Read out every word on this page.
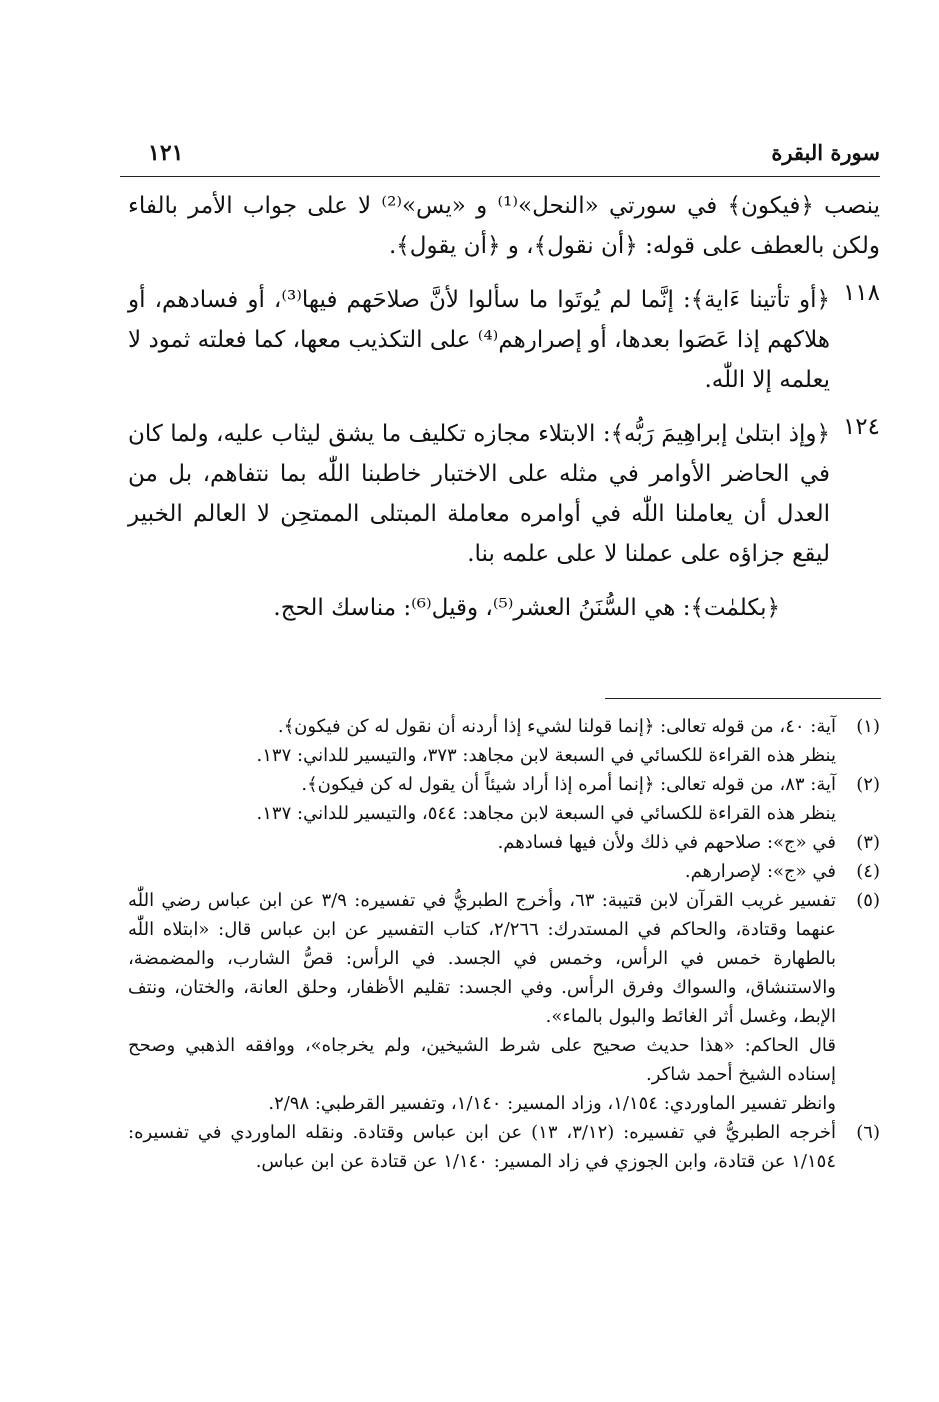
سورة البقرة
١٢١

ينصب ﴿فيكون﴾ في سورتي «النحل»⁽¹⁾ و «يس»⁽²⁾ لا على جواب الأمر بالفاء ولكن بالعطف على قوله: ﴿أن نقول﴾، و ﴿أن يقول﴾.

١١٨

﴿أو تأتينا ءَاية﴾: إنَّما لم يُوتَوا ما سألوا لأنَّ صلاحَهم فيها⁽³⁾، أو فسادهم، أو هلاكهم إذا عَصَوا بعدها، أو إصرارهم⁽⁴⁾ على التكذيب معها، كما فعلته ثمود لا يعلمه إلا اللّٰه.

١٢٤

﴿وإذ ابتلىٰ إبراهِيمَ رَبُّه﴾: الابتلاء مجازه تكليف ما يشق ليثاب عليه، ولما كان في الحاضر الأوامر في مثله على الاختبار خاطبنا اللّٰه بما نتفاهم، بل من العدل أن يعاملنا اللّٰه في أوامره معاملة المبتلى الممتحِن لا العالم الخبير ليقع جزاؤه على عملنا لا على علمه بنا.

﴿بكلمٰت﴾: هي السُّنَنُ العشر⁽⁵⁾، وقيل⁽⁶⁾: مناسك الحج.

(١)

آية: ٤٠، من قوله تعالى: ﴿إنما قولنا لشيء إذا أردنه أن نقول له كن فيكون﴾.

ينظر هذه القراءة للكسائي في السبعة لابن مجاهد: ٣٧٣، والتيسير للداني: ١٣٧.

(٢)

آية: ٨٣، من قوله تعالى: ﴿إنما أمره إذا أراد شيئاً أن يقول له كن فيكون﴾.

ينظر هذه القراءة للكسائي في السبعة لابن مجاهد: ٥٤٤، والتيسير للداني: ١٣٧.

(٣)

في «ج»: صلاحهم في ذلك ولأن فيها فسادهم.

(٤)

في «ج»: لإصرارهم.

(٥)

تفسير غريب القرآن لابن قتيبة: ٦٣، وأخرج الطبريُّ في تفسيره: ٣/٩ عن ابن عباس رضي اللّٰه عنهما وقتادة، والحاكم في المستدرك: ٢/٢٦٦، كتاب التفسير عن ابن عباس قال: «ابتلاه اللّٰه بالطهارة خمس في الرأس، وخمس في الجسد. في الرأس: قصُّ الشارب، والمضمضة، والاستنشاق، والسواك وفرق الرأس. وفي الجسد: تقليم الأظفار، وحلق العانة، والختان، ونتف الإبط، وغسل أثر الغائط والبول بالماء».

قال الحاكم: «هذا حديث صحيح على شرط الشيخين، ولم يخرجاه»، ووافقه الذهبي وصحح إسناده الشيخ أحمد شاكر.

وانظر تفسير الماوردي: ١/١٥٤، وزاد المسير: ١/١٤٠، وتفسير القرطبي: ٢/٩٨.

(٦)

أخرجه الطبريُّ في تفسيره: (٣/١٢، ١٣) عن ابن عباس وقتادة. ونقله الماوردي في تفسيره: ١/١٥٤ عن قتادة، وابن الجوزي في زاد المسير: ١/١٤٠ عن قتادة عن ابن عباس.
